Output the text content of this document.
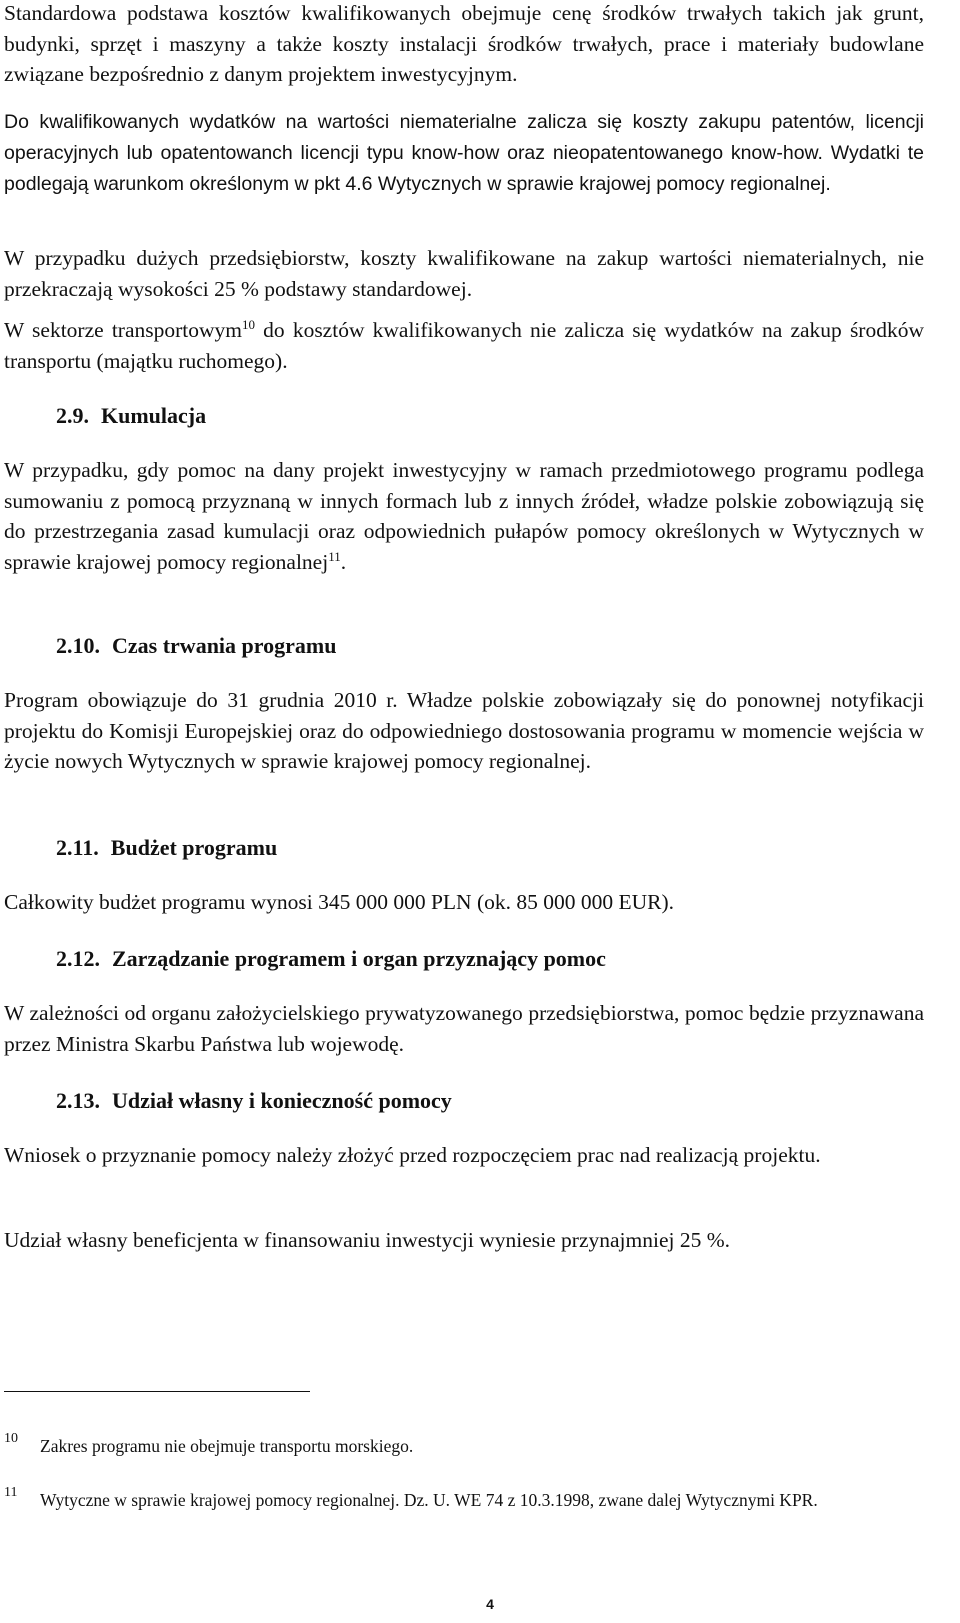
Standardowa podstawa kosztów kwalifikowanych obejmuje cenę środków trwałych takich jak grunt, budynki, sprzęt i maszyny a także koszty instalacji środków trwałych, prace i materiały budowlane związane bezpośrednio z danym projektem inwestycyjnym.

Do kwalifikowanych wydatków na wartości niematerialne zalicza się koszty zakupu patentów, licencji operacyjnych lub opatentowanch licencji typu know-how oraz nieopatentowanego know-how. Wydatki te podlegają warunkom określonym w pkt 4.6 Wytycznych w sprawie krajowej pomocy regionalnej.

W przypadku dużych przedsiębiorstw, koszty kwalifikowane na zakup wartości niematerialnych, nie przekraczają wysokości 25 % podstawy standardowej.

W sektorze transportowym$^{10}$ do kosztów kwalifikowanych nie zalicza się wydatków na zakup środków transportu (majątku ruchomego).

2.9. Kumulacja

W przypadku, gdy pomoc na dany projekt inwestycyjny w ramach przedmiotowego programu podlega sumowaniu z pomocą przyznaną w innych formach lub z innych źródeł, władze polskie zobowiązują się do przestrzegania zasad kumulacji oraz odpowiednich pułapów pomocy określonych w Wytycznych w sprawie krajowej pomocy regionalnej$^{11}$.

2.10. Czas trwania programu

Program obowiązuje do 31 grudnia 2010 r. Władze polskie zobowiązały się do ponownej notyfikacji projektu do Komisji Europejskiej oraz do odpowiedniego dostosowania programu w momencie wejścia w życie nowych Wytycznych w sprawie krajowej pomocy regionalnej.

2.11. Budżet programu

Całkowity budżet programu wynosi 345 000 000 PLN (ok. 85 000 000 EUR).

2.12. Zarządzanie programem i organ przyznający pomoc

W zależności od organu założycielskiego prywatyzowanego przedsiębiorstwa, pomoc będzie przyznawana przez Ministra Skarbu Państwa lub wojewodę.

2.13. Udział własny i konieczność pomocy

Wniosek o przyznanie pomocy należy złożyć przed rozpoczęciem prac nad realizacją projektu.

Udział własny beneficjenta w finansowaniu inwestycji wyniesie przynajmniej 25 %.

10 Zakres programu nie obejmuje transportu morskiego.
11 Wytyczne w sprawie krajowej pomocy regionalnej. Dz. U. WE 74 z 10.3.1998, zwane dalej Wytycznymi KPR.
4
